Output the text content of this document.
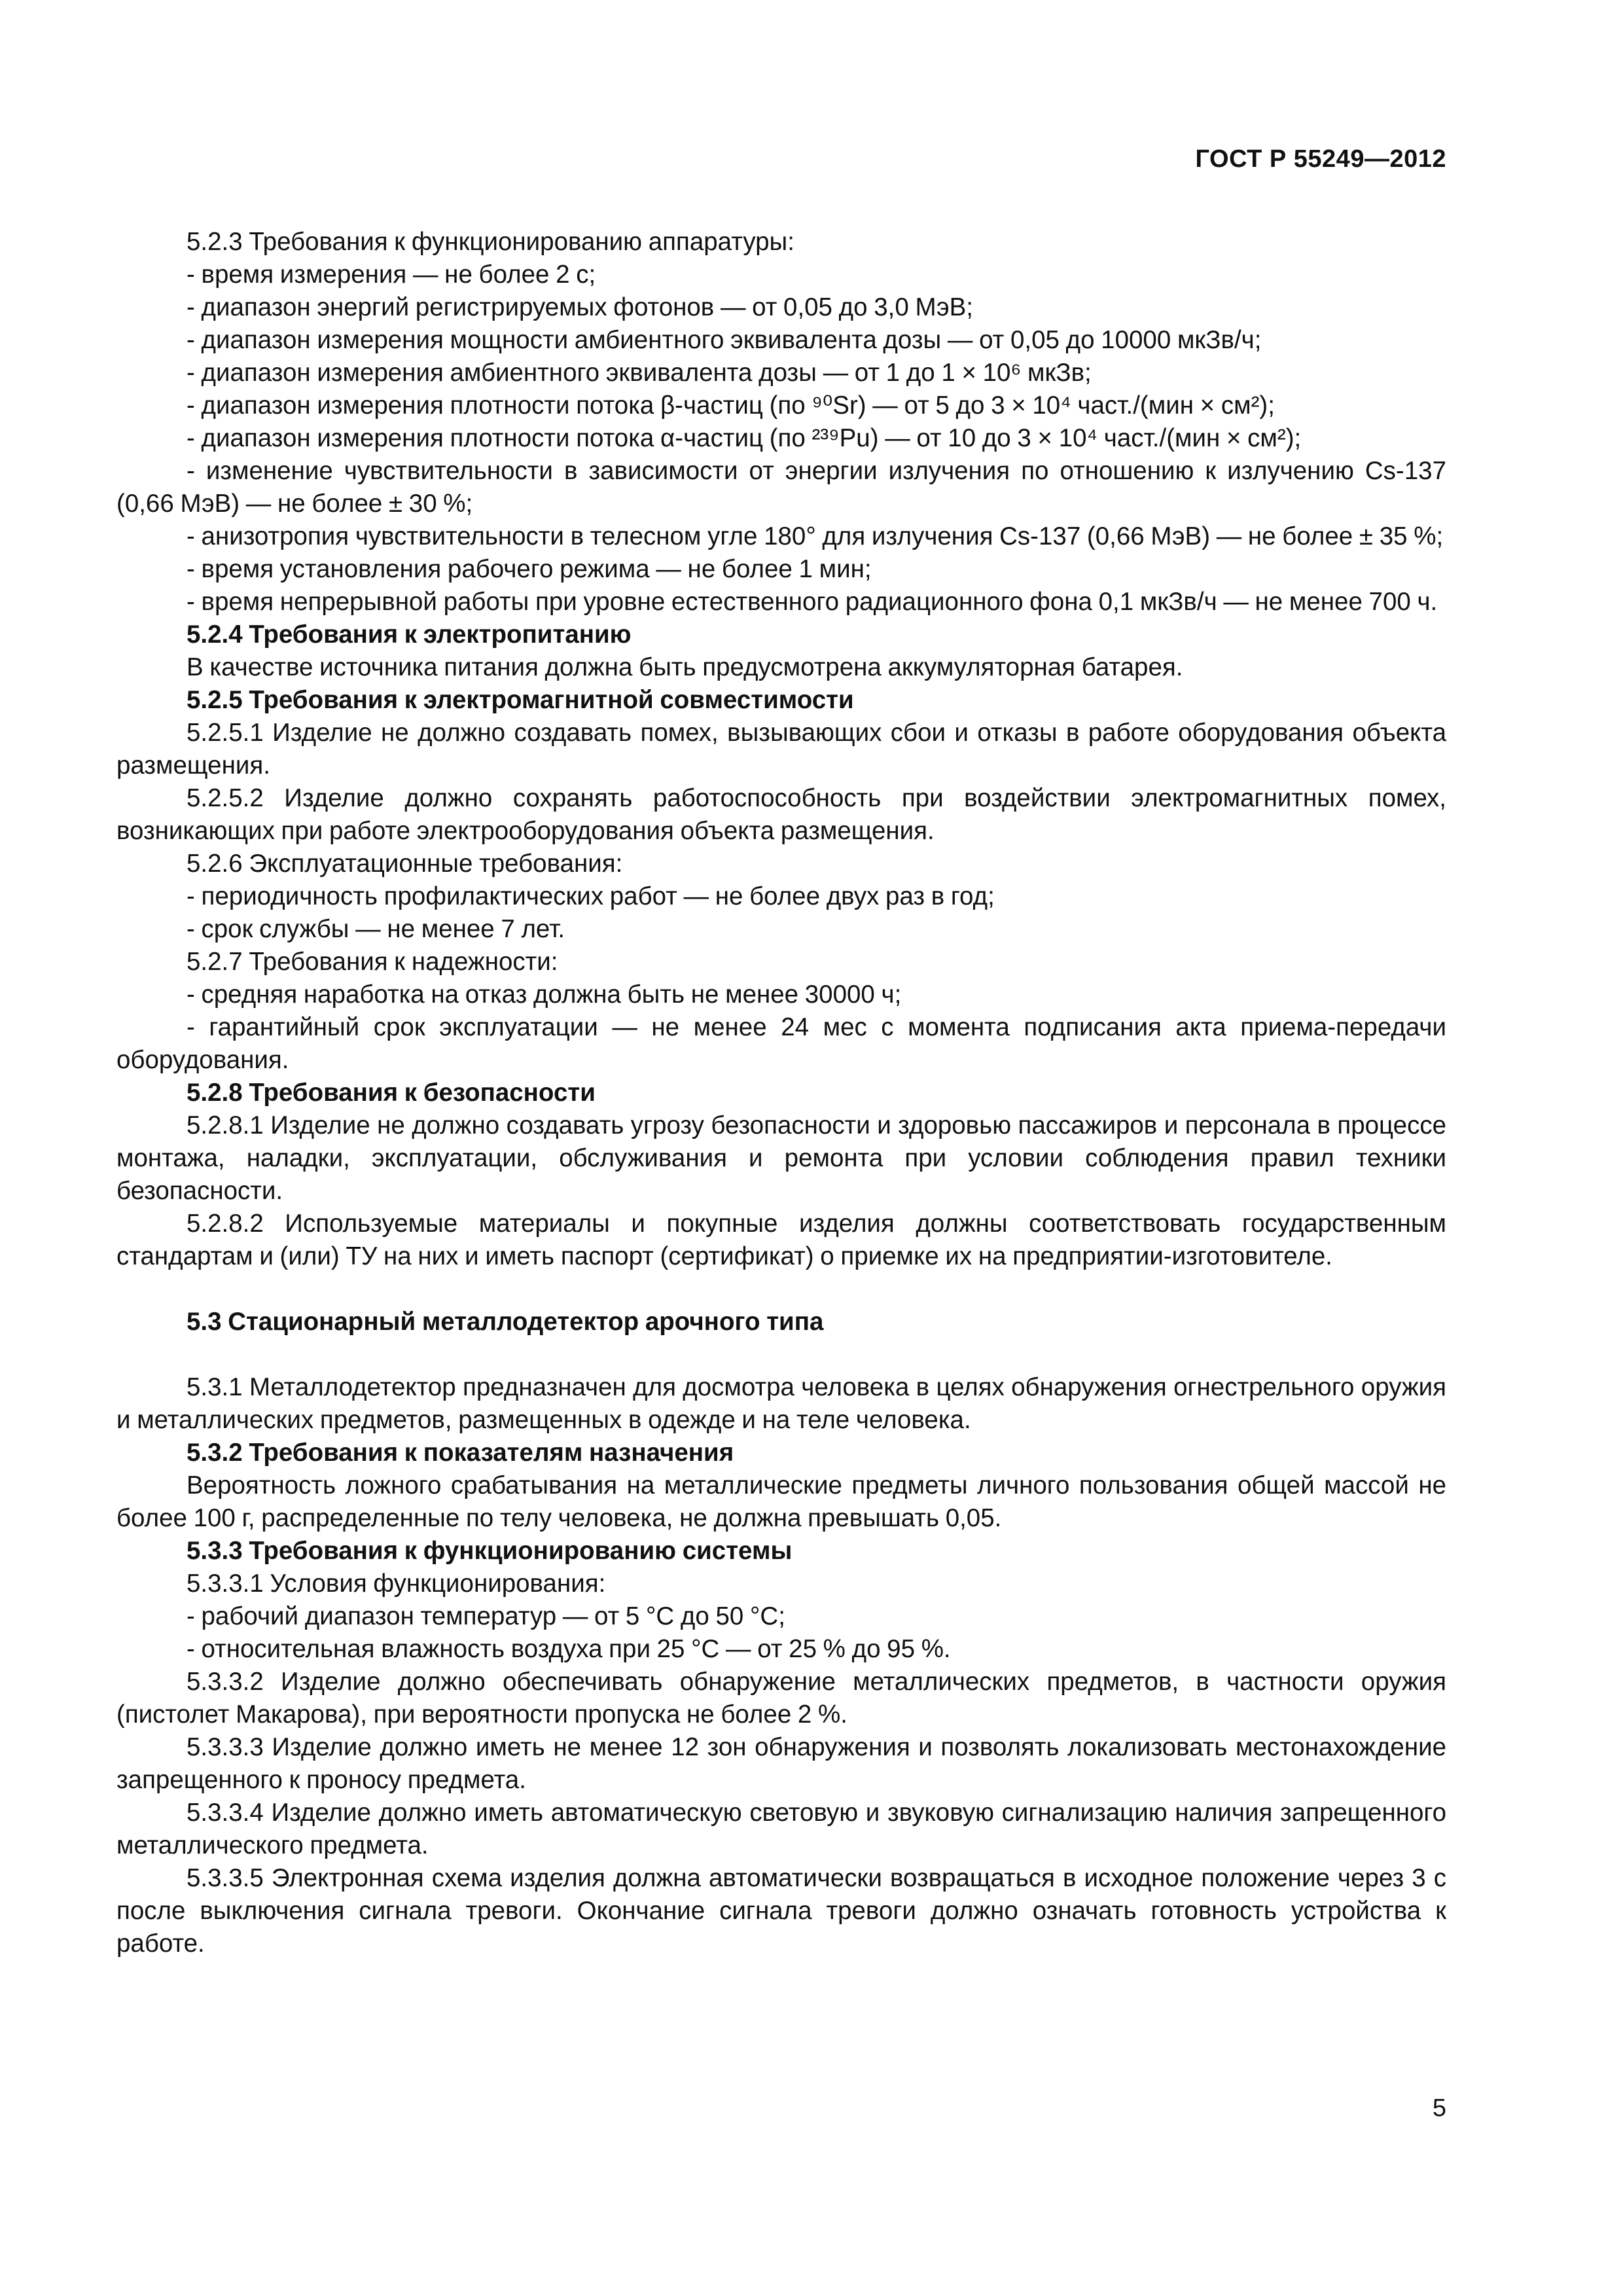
ГОСТ Р 55249—2012

5.2.3 Требования к функционированию аппаратуры:

- время измерения — не более 2 с;

- диапазон энергий регистрируемых фотонов — от 0,05 до 3,0 МэВ;

- диапазон измерения мощности амбиентного эквивалента дозы — от 0,05 до 10000 мкЗв/ч;

- диапазон измерения амбиентного эквивалента дозы — от 1 до 1 × 10⁶ мкЗв;

- диапазон измерения плотности потока β-частиц (по ⁹⁰Sr) — от 5 до 3 × 10⁴ част./(мин × см²);

- диапазон измерения плотности потока α-частиц (по ²³⁹Pu) — от 10 до 3 × 10⁴ част./(мин × см²);

- изменение чувствительности в зависимости от энергии излучения по отношению к излучению Cs-137 (0,66 МэВ) — не более ± 30 %;

- анизотропия чувствительности в телесном угле 180° для излучения Cs-137 (0,66 МэВ) — не более ± 35 %;

- время установления рабочего режима — не более 1 мин;

- время непрерывной работы при уровне естественного радиационного фона 0,1 мкЗв/ч — не менее 700 ч.

5.2.4 Требования к электропитанию

В качестве источника питания должна быть предусмотрена аккумуляторная батарея.

5.2.5 Требования к электромагнитной совместимости

5.2.5.1 Изделие не должно создавать помех, вызывающих сбои и отказы в работе оборудования объекта размещения.

5.2.5.2 Изделие должно сохранять работоспособность при воздействии электромагнитных помех, возникающих при работе электрооборудования объекта размещения.

5.2.6 Эксплуатационные требования:

- периодичность профилактических работ — не более двух раз в год;

- срок службы — не менее 7 лет.

5.2.7 Требования к надежности:

- средняя наработка на отказ должна быть не менее 30000 ч;

- гарантийный срок эксплуатации — не менее 24 мес с момента подписания акта приема-передачи оборудования.

5.2.8 Требования к безопасности

5.2.8.1 Изделие не должно создавать угрозу безопасности и здоровью пассажиров и персонала в процессе монтажа, наладки, эксплуатации, обслуживания и ремонта при условии соблюдения правил техники безопасности.

5.2.8.2 Используемые материалы и покупные изделия должны соответствовать государственным стандартам и (или) ТУ на них и иметь паспорт (сертификат) о приемке их на предприятии-изготовителе.

5.3 Стационарный металлодетектор арочного типа

5.3.1 Металлодетектор предназначен для досмотра человека в целях обнаружения огнестрельного оружия и металлических предметов, размещенных в одежде и на теле человека.

5.3.2 Требования к показателям назначения

Вероятность ложного срабатывания на металлические предметы личного пользования общей массой не более 100 г, распределенные по телу человека, не должна превышать 0,05.

5.3.3 Требования к функционированию системы

5.3.3.1 Условия функционирования:

- рабочий диапазон температур — от 5 °С до 50 °С;

- относительная влажность воздуха при 25 °С — от 25 % до 95 %.

5.3.3.2 Изделие должно обеспечивать обнаружение металлических предметов, в частности оружия (пистолет Макарова), при вероятности пропуска не более 2 %.

5.3.3.3 Изделие должно иметь не менее 12 зон обнаружения и позволять локализовать местонахождение запрещенного к проносу предмета.

5.3.3.4 Изделие должно иметь автоматическую световую и звуковую сигнализацию наличия запрещенного металлического предмета.

5.3.3.5 Электронная схема изделия должна автоматически возвращаться в исходное положение через 3 с после выключения сигнала тревоги. Окончание сигнала тревоги должно означать готовность устройства к работе.

5
